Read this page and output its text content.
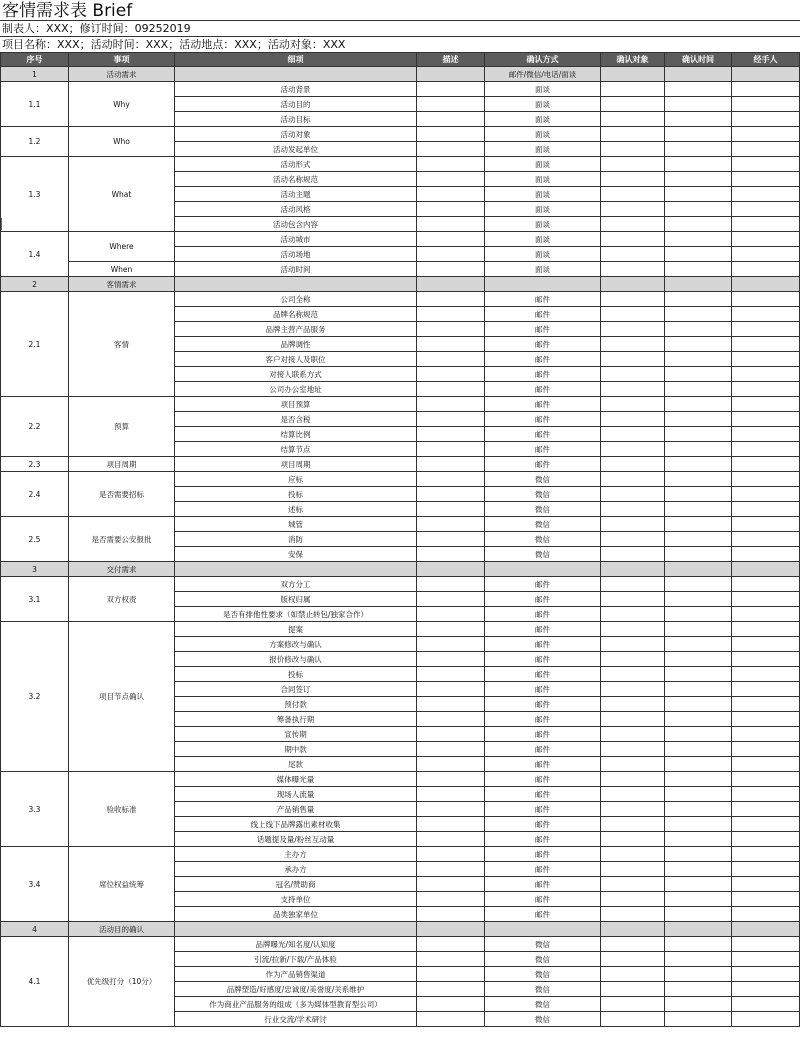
客情需求表 Brief
制表人：XXX；修订时间：09252019
项目名称：XXX；活动时间：XXX；活动地点：XXX；活动对象：XXX
序号	事项	细项	描述	确认方式	确认对象	确认时间	经手人
1	活动需求			邮件/微信/电话/面谈			
1.1	Why	活动背景		面谈			
		活动目的		面谈			
		活动目标		面谈			
1.2	Who	活动对象		面谈			
		活动发起单位		面谈			
1.3	What	活动形式		面谈			
		活动名称规范		面谈			
		活动主题		面谈			
		活动风格		面谈			
		活动包含内容		面谈			
1.4	Where	活动城市		面谈			
		活动场地		面谈			
	When	活动时间		面谈			
2	客情需求						
2.1	客情	公司全称		邮件			
		品牌名称规范		邮件			
		品牌主营产品服务		邮件			
		品牌调性		邮件			
		客户对接人及职位		邮件			
		对接人联系方式		邮件			
		公司办公室地址		邮件			
2.2	预算	项目预算		邮件			
		是否含税		邮件			
		结算比例		邮件			
		结算节点		邮件			
2.3	项目周期	项目周期		邮件			
2.4	是否需要招标	应标		微信			
		投标		微信			
		述标		微信			
2.5	是否需要公安报批	城管		微信			
		消防		微信			
		安保		微信			
3	交付需求						
3.1	双方权责	双方分工		邮件			
		版权归属		邮件			
		是否有排他性要求（如禁止转包/独家合作）		邮件			
3.2	项目节点确认	提案		邮件			
		方案修改与确认		邮件			
		报价修改与确认		邮件			
		投标		邮件			
		合同签订		邮件			
		预付款		邮件			
		筹备执行期		邮件			
		宣传期		邮件			
		期中款		邮件			
		尾款		邮件			
3.3	验收标准	媒体曝光量		邮件			
		现场人流量		邮件			
		产品销售量		邮件			
		线上线下品牌露出素材收集		邮件			
		话题提及量/粉丝互动量		邮件			
3.4	席位权益统筹	主办方		邮件			
		承办方		邮件			
		冠名/赞助商		邮件			
		支持单位		邮件			
		品类独家单位		邮件			
4	活动目的确认						
4.1	优先级打分（10分）	品牌曝光/知名度/认知度		微信			
		引流/拉新/下载/产品体验		微信			
		作为产品销售渠道		微信			
		品牌塑造/好感度/忠诚度/美誉度/关系维护		微信			
		作为商业产品服务的组成（多为媒体型教育型公司）		微信			
		行业交流/学术研讨		微信			
